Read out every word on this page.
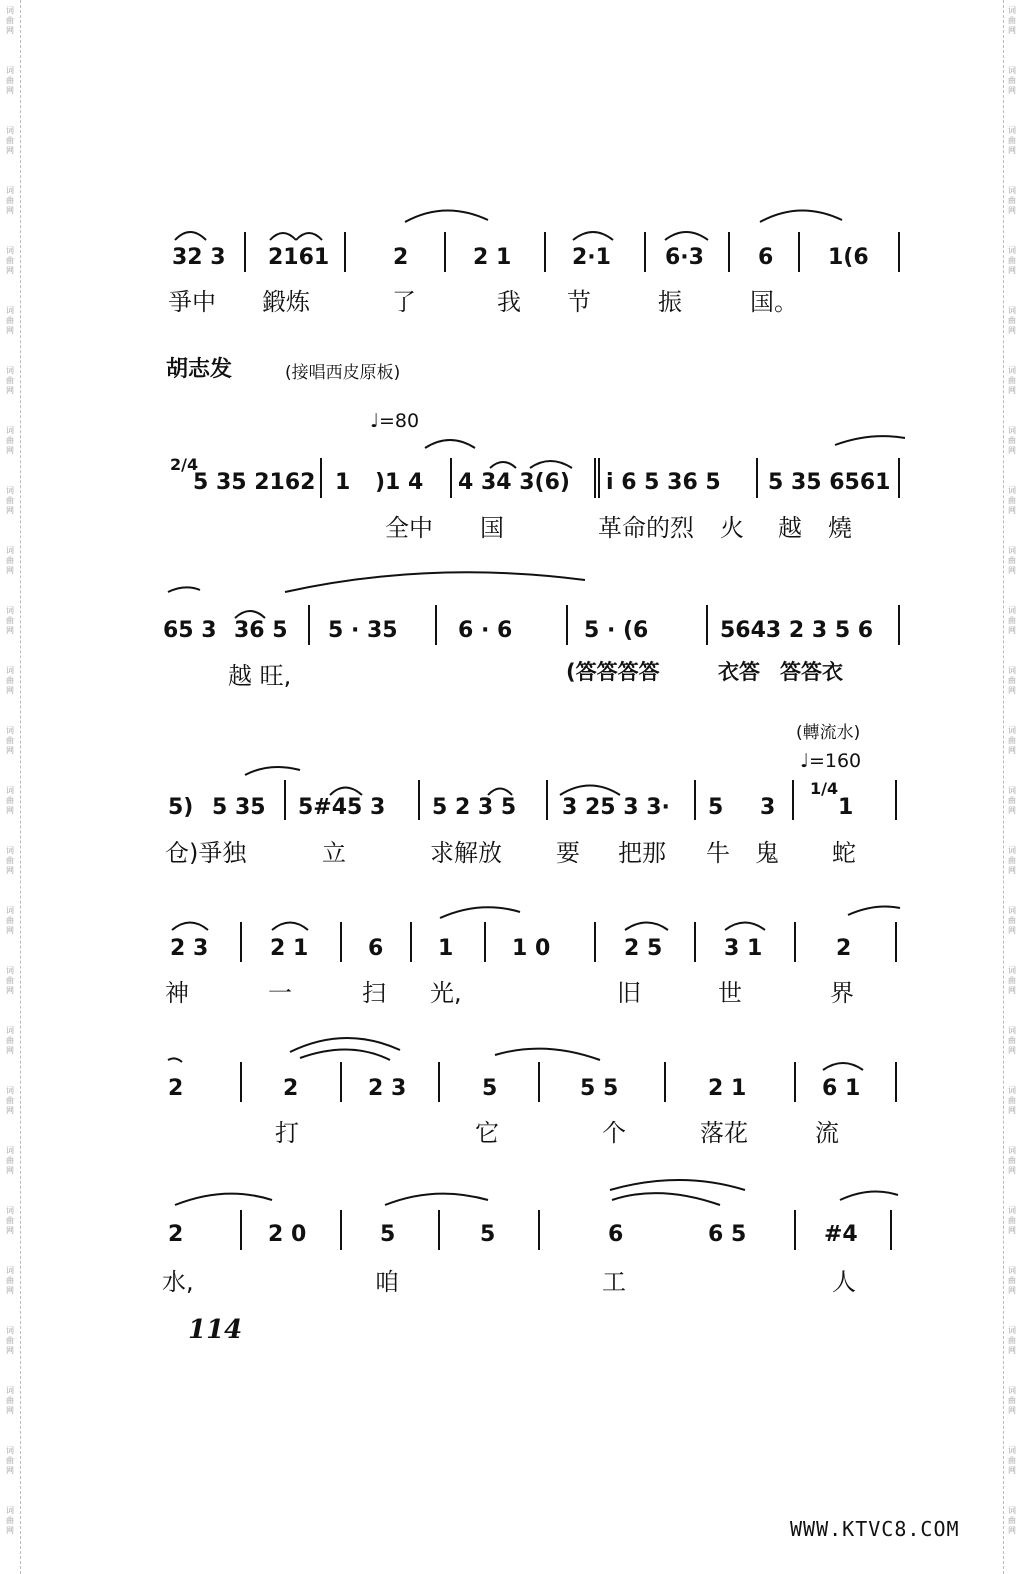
词
曲
网
词
曲
网
词
曲
网
词
曲
网
词
曲
网
词
曲
网
词
曲
网
词
曲
网
词
曲
网
词
曲
网
词
曲
网
词
曲
网
词
曲
网
词
曲
网
词
曲
网
词
曲
网
词
曲
网
词
曲
网
词
曲
网
词
曲
网
词
曲
网
词
曲
网
词
曲
网
词
曲
网
词
曲
网
词
曲
网
词
曲
网
词
曲
网
词
曲
网
词
曲
网
词
曲
网
词
曲
网
词
曲
网
词
曲
网
词
曲
网
词
曲
网
词
曲
网
词
曲
网
词
曲
网
词
曲
网
词
曲
网
词
曲
网
词
曲
网
词
曲
网
词
曲
网
词
曲
网
词
曲
网
词
曲
网
词
曲
网
词
曲
网
词
曲
网
词
曲
网
32 3 2161	2	2 1	2·1 6·3 6 1(6
爭中 鍛炼	了	我 节	振	国。
胡志发	(接唱西皮原板)
♩=80
2/4
5 35 2162 1 )1 4 4 34 3(6) i 6 5 36 5 5 35 6561
全中 国	革命的烈 火 越 燒
65 3 36 5 5 · 35	6 · 6	5 · (6	5643 2 3 5 6
越 旺,	(答答答答	衣答 答答衣
(轉流水)
♩=160
5) 5 35 5#45 3 5 2 3 5 3 25 3 3· 5 3
1/4
1
仓)爭独	立	求解放 要 把那 牛 鬼 蛇
2 3	2 1	6 1	1 0	2 5	3 1	2
神	一	扫 光,	旧	世	界
2	2	2 3	5	5 5	2 1	6 1
打	它	个	落花	流
2	2 0	5	5	6	6 5	#4
水,	咱	工	人
114
WWW.KTVC8.COM
